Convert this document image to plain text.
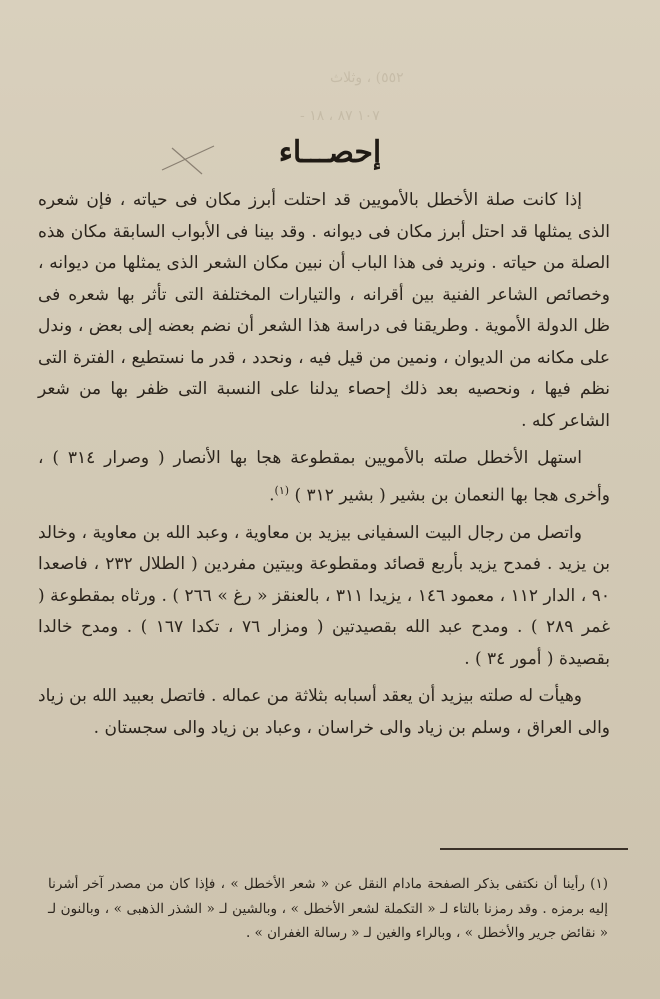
٥٥٢) ، وثلاث
١٠٧ ٨٧ ، ١٨ -
إحصـــاء

إذا كانت صلة الأخطل بالأمويين قد احتلت أبرز مكان فى حياته ، فإن شعره الذى يمثلها قد احتل أبرز مكان فى ديوانه . وقد بينا فى الأبواب السابقة مكان هذه الصلة من حياته . ونريد فى هذا الباب أن نبين مكان الشعر الذى يمثلها من ديوانه ، وخصائص الشاعر الفنية بين أقرانه ، والتيارات المختلفة التى تأثر بها شعره فى ظل الدولة الأموية . وطريقنا فى دراسة هذا الشعر أن نضم بعضه إلى بعض ، وندل على مكانه من الديوان ، ونمين من قيل فيه ، ونحدد ، قدر ما نستطيع ، الفترة التى نظم فيها ، ونحصيه بعد ذلك إحصاء يدلنا على النسبة التى ظفر بها من شعر الشاعر كله .

استهل الأخطل صلته بالأمويين بمقطوعة هجا بها الأنصار ( وصرار ٣١٤ ) ، وأخرى هجا بها النعمان بن بشير ( بشير ٣١٢ ) $^{(١)}$.

واتصل من رجال البيت السفيانى بيزيد بن معاوية ، وعبد الله بن معاوية ، وخالد بن يزيد . فمدح يزيد بأربع قصائد ومقطوعة وبيتين مفردين ( الطلال ٢٣٢ ، فاصعدا ٩٠ ، الدار ١١٢ ، معمود ١٤٦ ، يزيدا ٣١١ ، بالعنقز « رغ » ٢٦٦ ) . ورثاه بمقطوعة ( غمر ٢٨٩ ) . ومدح عبد الله بقصيدتين ( ومزار ٧٦ ، تكدا ١٦٧ ) . ومدح خالدا بقصيدة ( أمور ٣٤ ) .

وهيأت له صلته بيزيد أن يعقد أسبابه بثلاثة من عماله . فاتصل بعبيد الله بن زياد والى العراق ، وسلم بن زياد والى خراسان ، وعباد بن زياد والى سجستان .

(١) رأينا أن نكتفى بذكر الصفحة مادام النقل عن « شعر الأخطل » ، فإذا كان من مصدر آخر أشرنا إليه برمزه . وقد رمزنا بالتاء لـ « التكملة لشعر الأخطل » ، وبالشين لـ « الشذر الذهبى » ، وبالنون لـ « نقائض جرير والأخطل » ، وبالراء والغين لـ « رسالة الغفران » .
